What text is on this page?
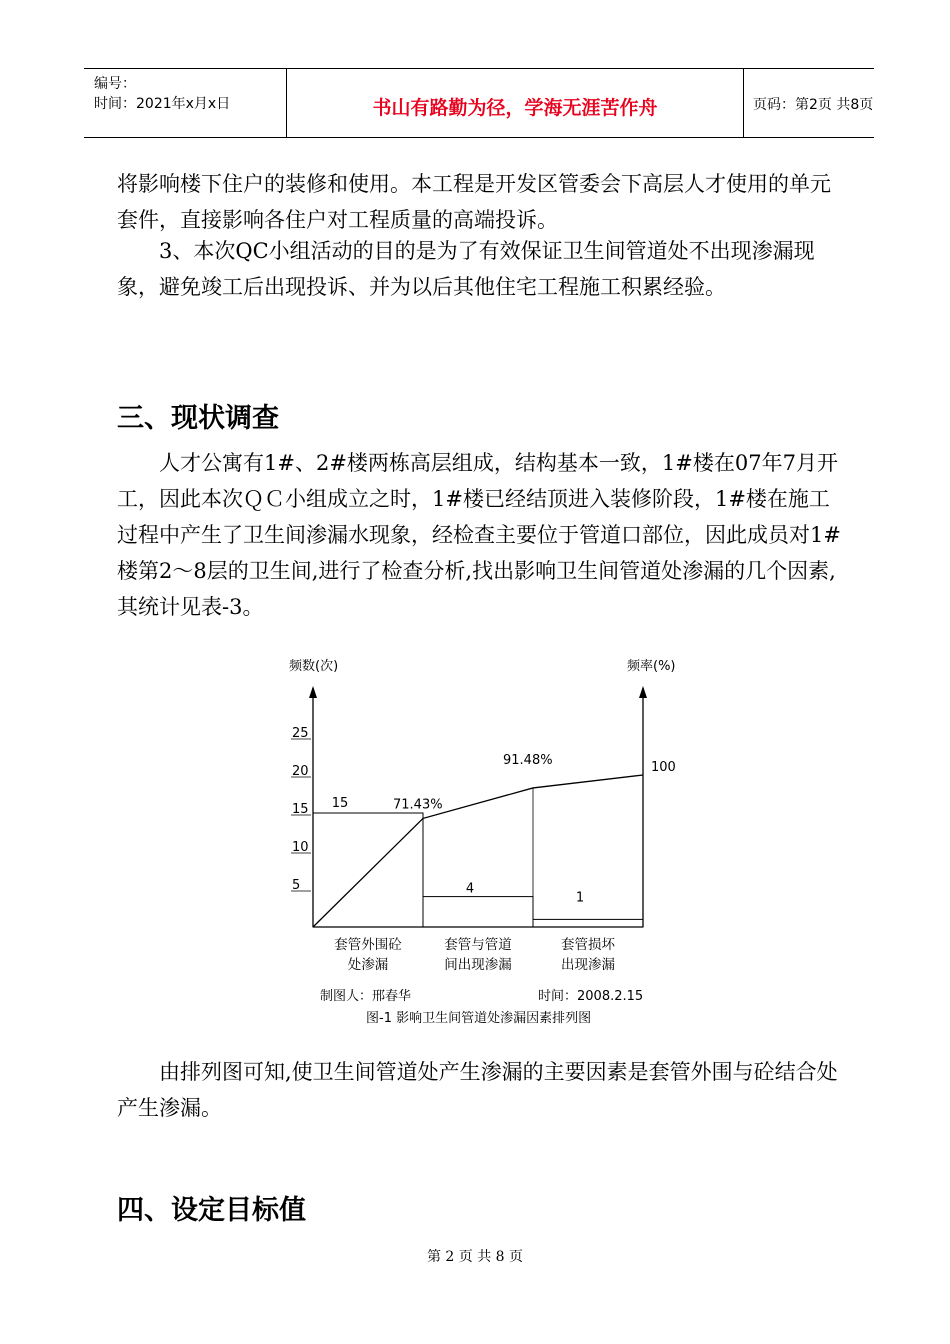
编号：
时间：2021年x月x日	书山有路勤为径，学海无涯苦作舟	页码：第2页 共8页

将影响楼下住户的装修和使用。本工程是开发区管委会下高层人才使用的单元套件，直接影响各住户对工程质量的高端投诉。

3、本次QC小组活动的目的是为了有效保证卫生间管道处不出现渗漏现象，避免竣工后出现投诉、并为以后其他住宅工程施工积累经验。

三、现状调查

人才公寓有1#、2#楼两栋高层组成，结构基本一致，1#楼在07年7月开工，因此本次ＱＣ小组成立之时，1#楼已经结顶进入装修阶段，1#楼在施工过程中产生了卫生间渗漏水现象，经检查主要位于管道口部位，因此成员对1#楼第2～8层的卫生间,进行了检查分析,找出影响卫生间管道处渗漏的几个因素,其统计见表-3。

频数(次)	频率(%)
5
10
15
20
25
15
套管外围砼
处渗漏
4
套管与管道
间出现渗漏
1
套管损坏
出现渗漏
71.43%
91.48%	100
制图人：邢春华	时间：2008.2.15
图-1 影响卫生间管道处渗漏因素排列图

由排列图可知,使卫生间管道处产生渗漏的主要因素是套管外围与砼结合处产生渗漏。

四、设定目标值
第 2 页 共 8 页
